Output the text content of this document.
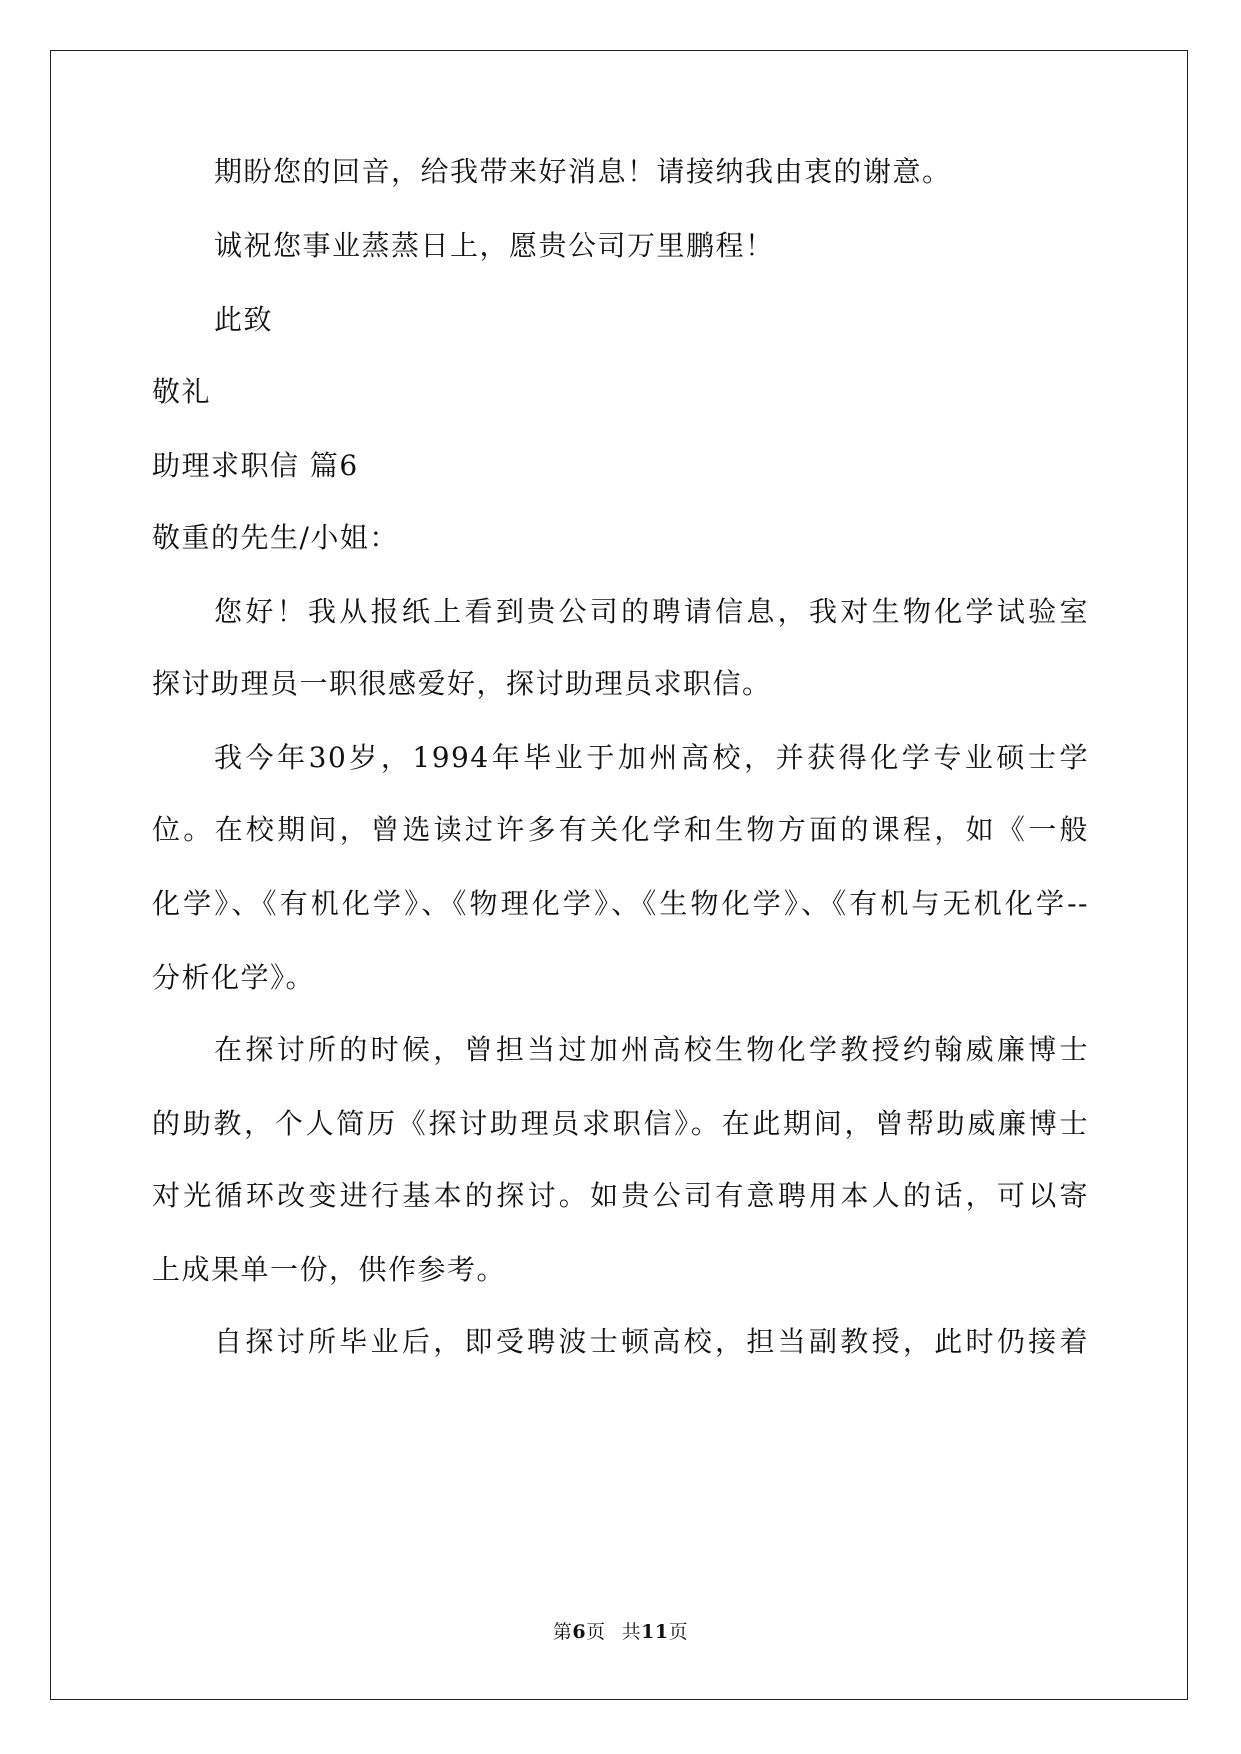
期盼您的回音，给我带来好消息！请接纳我由衷的谢意。
诚祝您事业蒸蒸日上，愿贵公司万里鹏程！
此致
敬礼
助理求职信 篇6
敬重的先生/小姐：
您好！我从报纸上看到贵公司的聘请信息，我对生物化学试验室
探讨助理员一职很感爱好，探讨助理员求职信。
我今年30岁，1994年毕业于加州高校，并获得化学专业硕士学
位。在校期间，曾选读过许多有关化学和生物方面的课程，如《一般
化学》、《有机化学》、《物理化学》、《生物化学》、《有机与无机化学--
分析化学》。
在探讨所的时候，曾担当过加州高校生物化学教授约翰威廉博士
的助教，个人简历《探讨助理员求职信》。在此期间，曾帮助威廉博士
对光循环改变进行基本的探讨。如贵公司有意聘用本人的话，可以寄
上成果单一份，供作参考。
自探讨所毕业后，即受聘波士顿高校，担当副教授，此时仍接着
第6页 共11页
